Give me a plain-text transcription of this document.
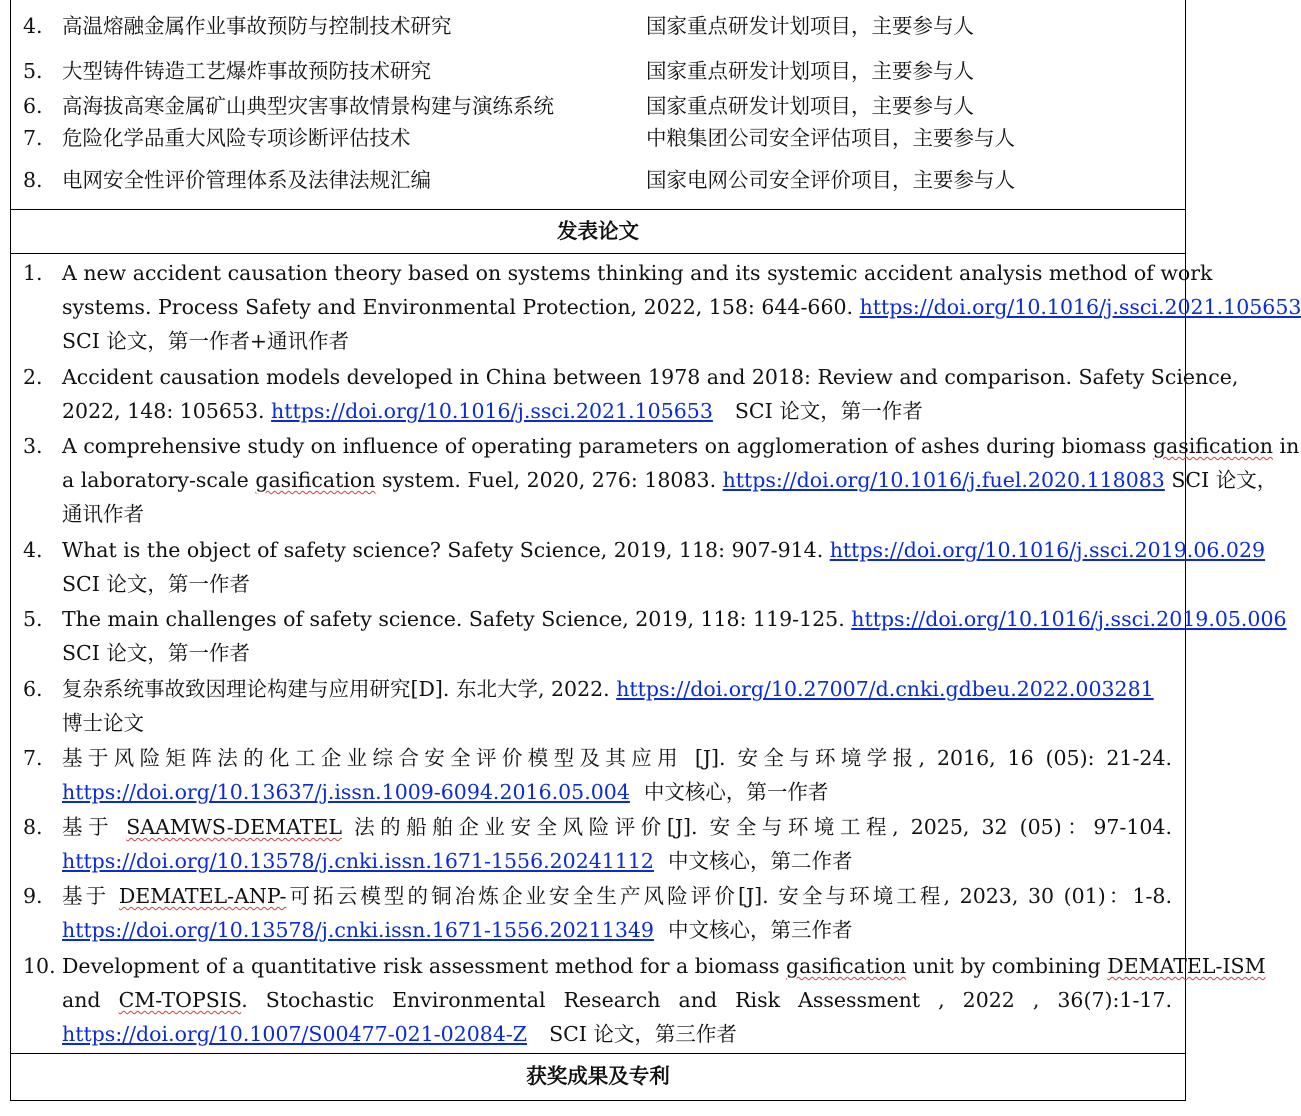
4. 高温熔融金属作业事故预防与控制技术研究	国家重点研发计划项目，主要参与人
5. 大型铸件铸造工艺爆炸事故预防技术研究	国家重点研发计划项目，主要参与人
6. 高海拔高寒金属矿山典型灾害事故情景构建与演练系统	国家重点研发计划项目，主要参与人
7. 危险化学品重大风险专项诊断评估技术	中粮集团公司安全评估项目，主要参与人
8. 电网安全性评价管理体系及法律法规汇编	国家电网公司安全评价项目，主要参与人
发表论文
1. A new accident causation theory based on systems thinking and its systemic accident analysis method of work
systems. Process Safety and Environmental Protection, 2022, 158: 644-660. https://doi.org/10.1016/j.ssci.2021.105653
SCI 论文，第一作者+通讯作者
2. Accident causation models developed in China between 1978 and 2018: Review and comparison. Safety Science,
2022, 148: 105653. https://doi.org/10.1016/j.ssci.2021.105653 SCI 论文，第一作者
3. A comprehensive study on influence of operating parameters on agglomeration of ashes during biomass gasification in
a laboratory-scale gasification system. Fuel, 2020, 276: 18083. https://doi.org/10.1016/j.fuel.2020.118083 SCI 论文，
通讯作者
4. What is the object of safety science? Safety Science, 2019, 118: 907-914. https://doi.org/10.1016/j.ssci.2019.06.029
SCI 论文，第一作者
5. The main challenges of safety science. Safety Science, 2019, 118: 119-125. https://doi.org/10.1016/j.ssci.2019.05.006
SCI 论文，第一作者
6. 复杂系统事故致因理论构建与应用研究[D]. 东北大学, 2022. https://doi.org/10.27007/d.cnki.gdbeu.2022.003281
博士论文
7. 基于风险矩阵法的化工企业综合安全评价模型及其应用 [J]. 安全与环境学报, 2016, 16 (05): 21-24.
https://doi.org/10.13637/j.issn.1009-6094.2016.05.004 中文核心，第一作者
8. 基于 SAAMWS-DEMATEL 法的船舶企业安全风险评价[J]. 安全与环境工程, 2025, 32 (05)：97-104.
https://doi.org/10.13578/j.cnki.issn.1671-1556.20241112 中文核心，第二作者
9. 基于 DEMATEL-ANP-可拓云模型的铜冶炼企业安全生产风险评价[J]. 安全与环境工程, 2023, 30 (01)：1-8.
https://doi.org/10.13578/j.cnki.issn.1671-1556.20211349 中文核心，第三作者
10. Development of a quantitative risk assessment method for a biomass gasification unit by combining DEMATEL-ISM
and CM-TOPSIS. Stochastic Environmental Research and Risk Assessment , 2022 , 36(7):1-17.
https://doi.org/10.1007/S00477-021-02084-Z SCI 论文，第三作者
获奖成果及专利
